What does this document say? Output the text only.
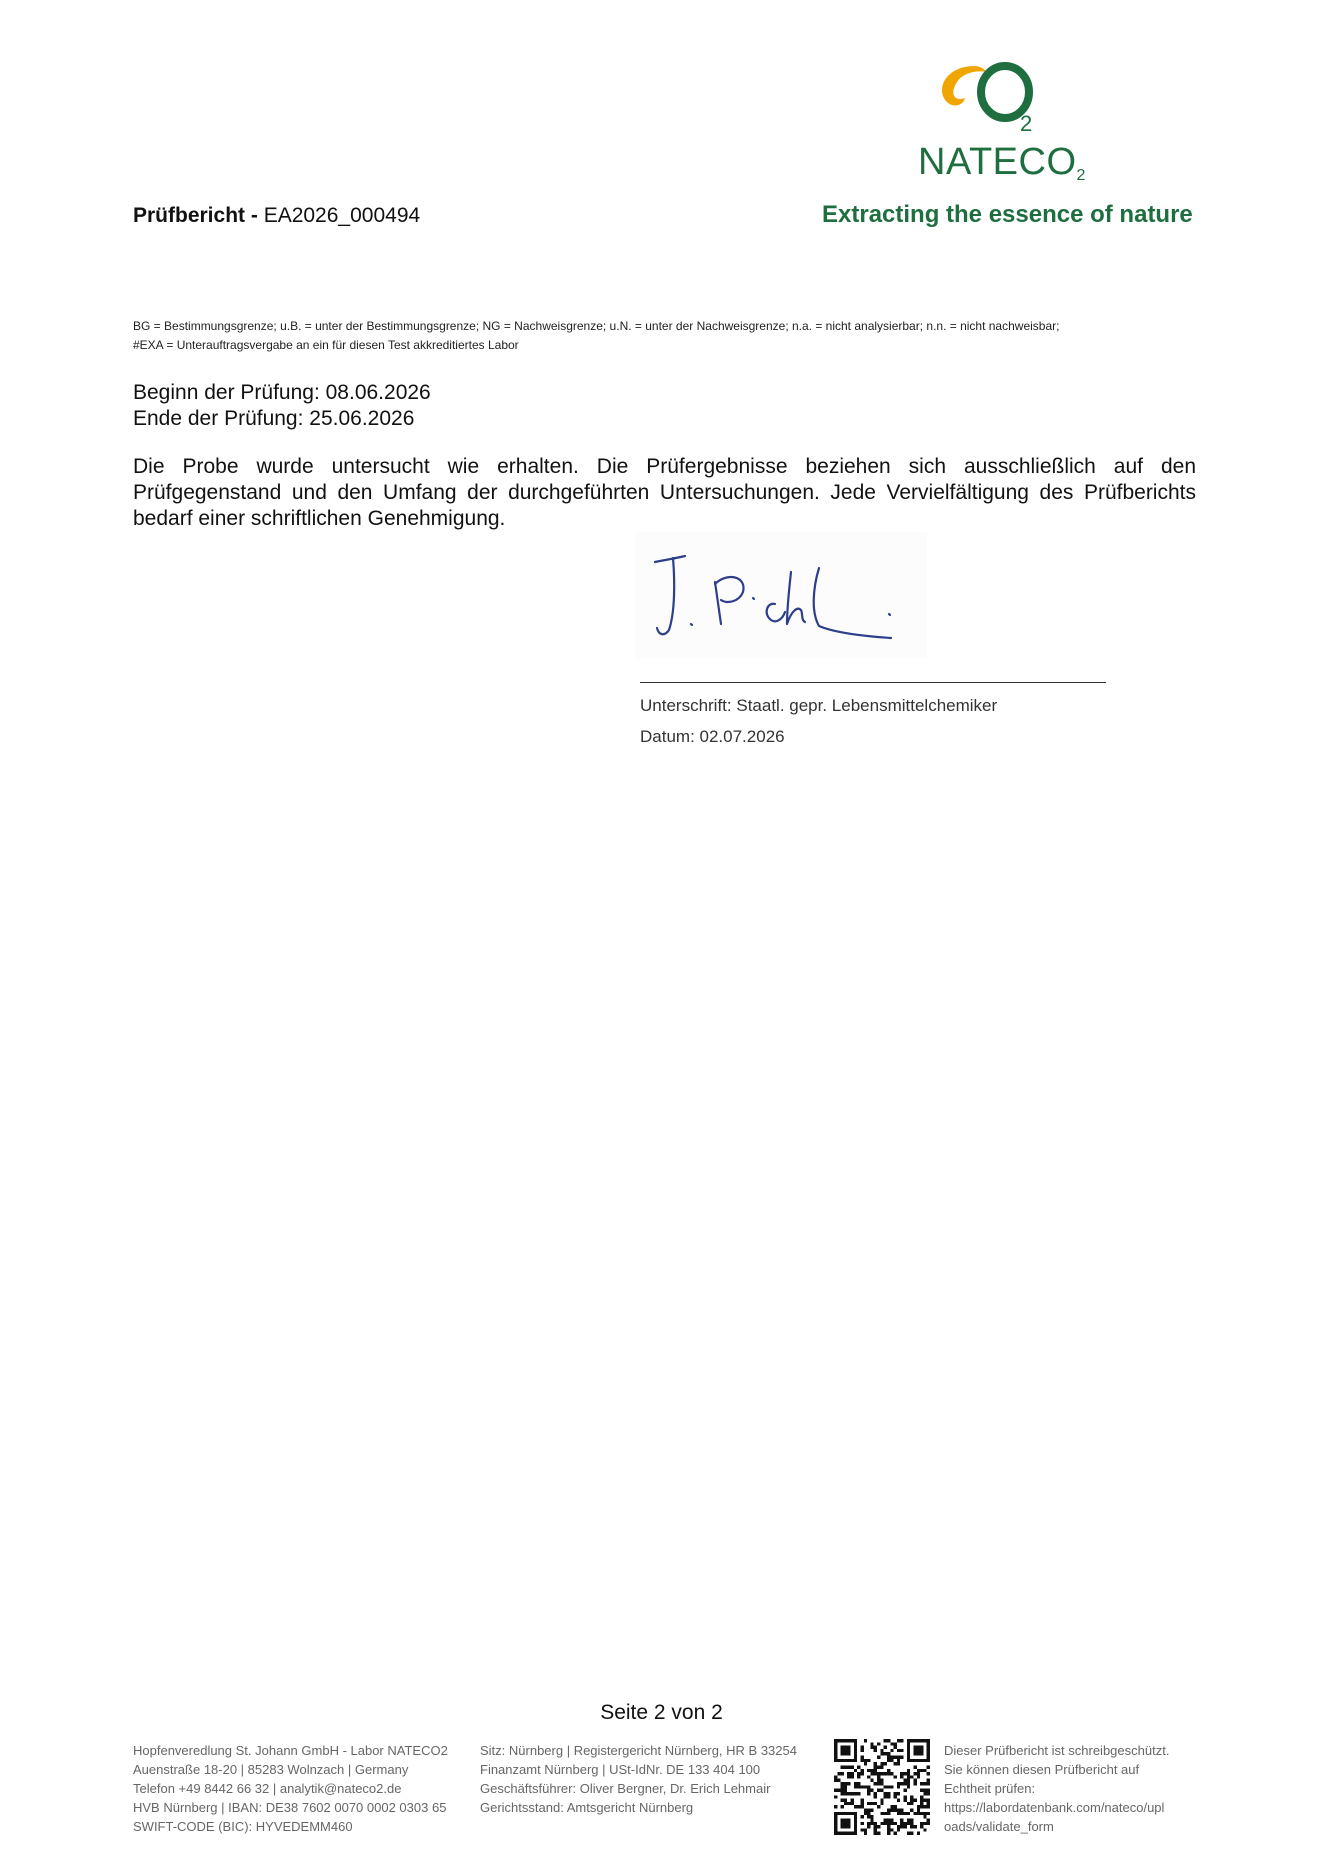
Prüfbericht - EA2026_000494
2
$NATECO_2$
Extracting the essence of nature
BG = Bestimmungsgrenze; u.B. = unter der Bestimmungsgrenze; NG = Nachweisgrenze; u.N. = unter der Nachweisgrenze; n.a. = nicht analysierbar; n.n. = nicht nachweisbar;
#EXA = Unterauftragsvergabe an ein für diesen Test akkreditiertes Labor
Beginn der Prüfung: 08.06.2026
Ende der Prüfung: 25.06.2026
Die Probe wurde untersucht wie erhalten. Die Prüfergebnisse beziehen sich ausschließlich auf den Prüfgegenstand und den Umfang der durchgeführten Untersuchungen. Jede Vervielfältigung des Prüfberichts bedarf einer schriftlichen Genehmigung.
Unterschrift: Staatl. gepr. Lebensmittelchemiker
Datum: 02.07.2026
Seite 2 von 2
Hopfenveredlung St. Johann GmbH - Labor NATECO2
Auenstraße 18-20 | 85283 Wolnzach | Germany
Telefon +49 8442 66 32 | analytik@nateco2.de
HVB Nürnberg | IBAN: DE38 7602 0070 0002 0303 65
SWIFT-CODE (BIC): HYVEDEMM460
Sitz: Nürnberg | Registergericht Nürnberg, HR B 33254
Finanzamt Nürnberg | USt-IdNr. DE 133 404 100
Geschäftsführer: Oliver Bergner, Dr. Erich Lehmair
Gerichtsstand: Amtsgericht Nürnberg
Dieser Prüfbericht ist schreibgeschützt.
Sie können diesen Prüfbericht auf
Echtheit prüfen:
https://labordatenbank.com/nateco/upl
oads/validate_form
